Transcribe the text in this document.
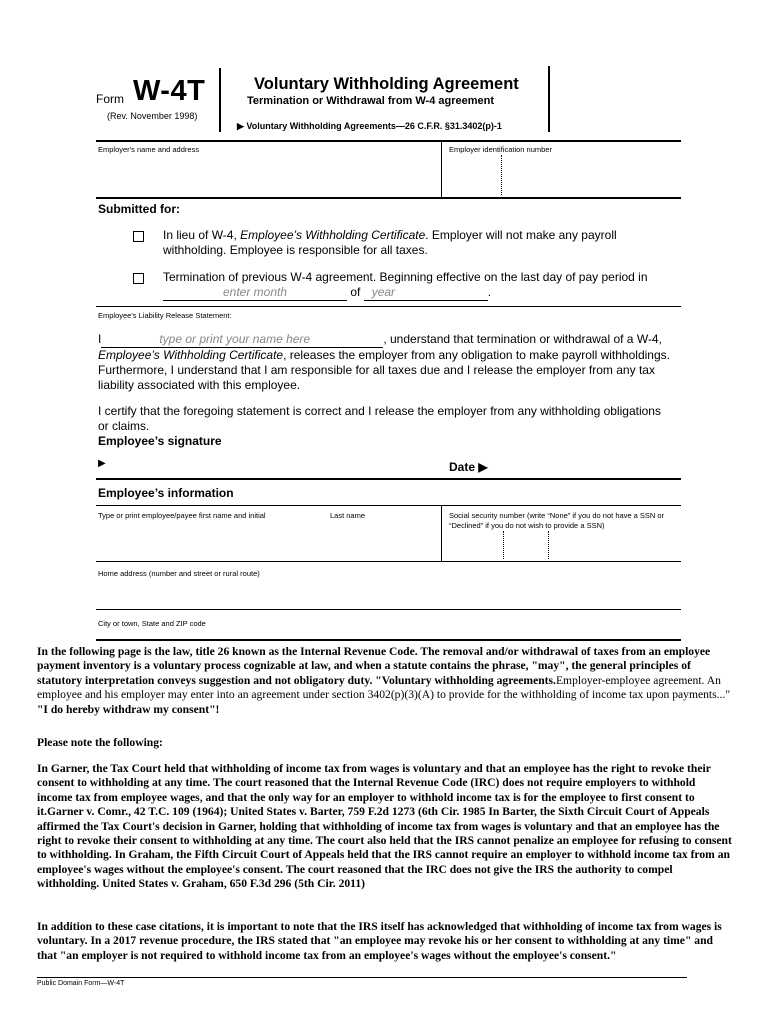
Form W-4T
(Rev. November 1998)
Voluntary Withholding Agreement
Termination or Withdrawal from W-4 agreement
▶ Voluntary Withholding Agreements—26 C.F.R. §31.3402(p)-1
Employer's name and address	Employer identification number
Submitted for:
In lieu of W-4, Employee’s Withholding Certificate. Employer will not make any payroll
withholding. Employee is responsible for all taxes.
Termination of previous W-4 agreement. Beginning effective on the last day of pay period in
enter month	of year	.
Employee's Liability Release Statement:
I	type or print your name here	, understand that termination or withdrawal of a W-4,
Employee’s Withholding Certificate, releases the employer from any obligation to make payroll withholdings.
Furthermore, I understand that I am responsible for all taxes due and I release the employer from any tax
liability associated with this employee.
I certify that the foregoing statement is correct and I release the employer from any withholding obligations
or claims.
Employee’s signature
▶	Date ▶
Employee’s information
Type or print employee/payee first name and initial	Last name	Social security number (write “None” if you do not have a SSN or
“Declined” if you do not wish to provide a SSN)
Home address (number and street or rural route)
City or town, State and ZIP code
In the following page is the law, title 26 known as the Internal Revenue Code. The removal and/or withdrawal of taxes from an employee payment inventory is a voluntary process cognizable at law, and when a statute contains the phrase, "may", the general principles of statutory interpretation conveys suggestion and not obligatory duty. "Voluntary withholding agreements.Employer-employee agreement. An employee and his employer may enter into an agreement under section 3402(p)(3)(A) to provide for the withholding of income tax upon payments..." "I do hereby withdraw my consent"!
Please note the following:
In Garner, the Tax Court held that withholding of income tax from wages is voluntary and that an employee has the right to revoke their consent to withholding at any time. The court reasoned that the Internal Revenue Code (IRC) does not require employers to withhold income tax from employee wages, and that the only way for an employer to withhold income tax is for the employee to first consent to it.Garner v. Comr., 42 T.C. 109 (1964); United States v. Barter, 759 F.2d 1273 (6th Cir. 1985 In Barter, the Sixth Circuit Court of Appeals affirmed the Tax Court's decision in Garner, holding that withholding of income tax from wages is voluntary and that an employee has the right to revoke their consent to withholding at any time. The court also held that the IRS cannot penalize an employee for refusing to consent to withholding. In Graham, the Fifth Circuit Court of Appeals held that the IRS cannot require an employer to withhold income tax from an employee's wages without the employee's consent. The court reasoned that the IRC does not give the IRS the authority to compel withholding. United States v. Graham, 650 F.3d 296 (5th Cir. 2011)
In addition to these case citations, it is important to note that the IRS itself has acknowledged that withholding of income tax from wages is voluntary. In a 2017 revenue procedure, the IRS stated that "an employee may revoke his or her consent to withholding at any time" and that "an employer is not required to withhold income tax from an employee's wages without the employee's consent."
Public Domain Form—W-4T
